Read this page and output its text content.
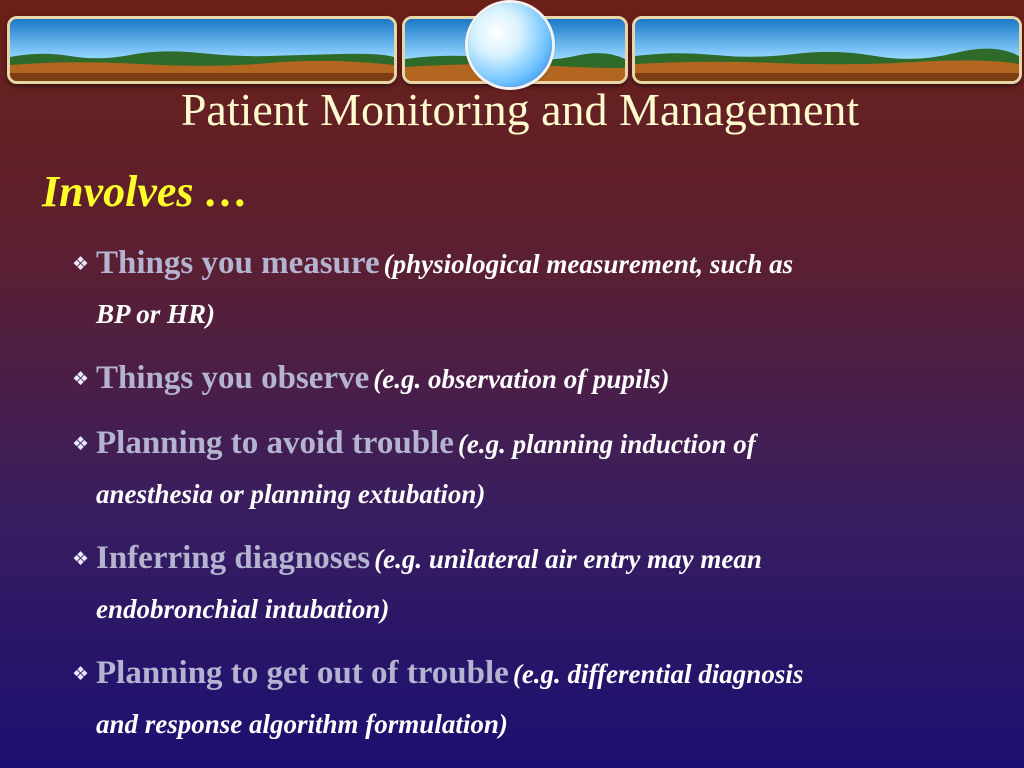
Patient Monitoring and Management
Involves …
❖ Things you measure (physiological measurement, such as
BP or HR)
❖ Things you observe (e.g. observation of pupils)
❖ Planning to avoid trouble (e.g. planning induction of
anesthesia or planning extubation)
❖ Inferring diagnoses (e.g. unilateral air entry may mean
endobronchial intubation)
❖ Planning to get out of trouble (e.g. differential diagnosis
and response algorithm formulation)
